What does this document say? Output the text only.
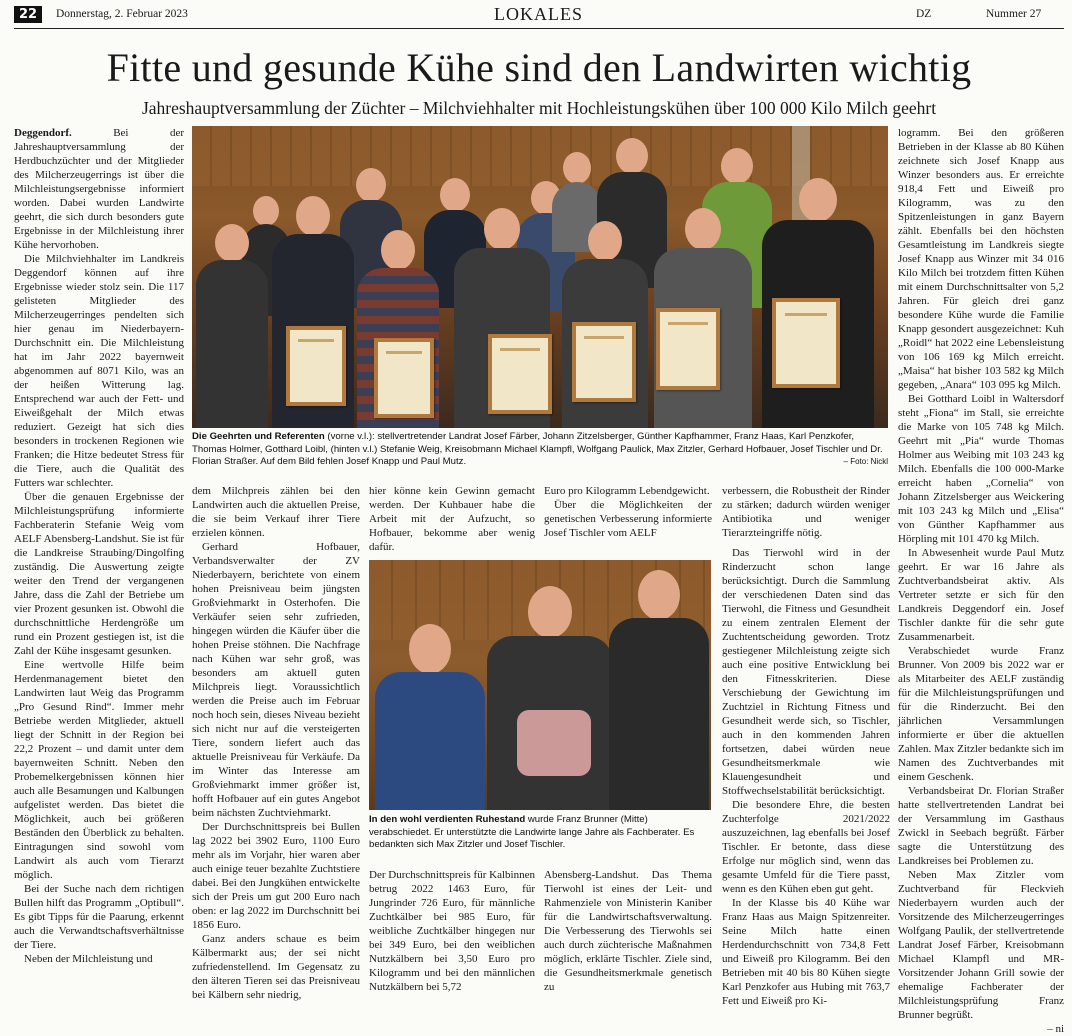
22	Donnerstag, 2. Februar 2023	LOKALES	DZ	Nummer 27
Fitte und gesunde Kühe sind den Landwirten wichtig
Jahreshauptversammlung der Züchter – Milchviehhalter mit Hochleistungskühen über 100 000 Kilo Milch geehrt

Deggendorf. Bei der Jahreshauptversammlung der Herdbuchzüchter und der Mitglieder des Milcherzeugerrings ist über die Milchleistungsergebnisse informiert worden. Dabei wurden Landwirte geehrt, die sich durch besonders gute Ergebnisse in der Milchleistung ihrer Kühe hervorhoben.

Die Milchviehhalter im Landkreis Deggendorf können auf ihre Ergebnisse wieder stolz sein. Die 117 gelisteten Mitglieder des Milcherzeugerringes pendelten sich hier genau im Niederbayern-Durchschnitt ein. Die Milchleistung hat im Jahr 2022 bayernweit abgenommen auf 8071 Kilo, was an der heißen Witterung lag. Entsprechend war auch der Fett- und Eiweißgehalt der Milch etwas reduziert. Gezeigt hat sich dies besonders in trockenen Regionen wie Franken; die Hitze bedeutet Stress für die Tiere, auch die Qualität des Futters war schlechter.

Über die genauen Ergebnisse der Milchleistungsprüfung informierte Fachberaterin Stefanie Weig vom AELF Abensberg-Landshut. Sie ist für die Landkreise Straubing/Dingolfing zuständig. Die Auswertung zeigte weiter den Trend der vergangenen Jahre, dass die Zahl der Betriebe um vier Prozent gesunken ist. Obwohl die durchschnittliche Herdengröße um rund ein Prozent gestiegen ist, ist die Zahl der Kühe insgesamt gesunken.

Eine wertvolle Hilfe beim Herdenmanagement bietet den Landwirten laut Weig das Programm „Pro Gesund Rind“. Immer mehr Betriebe werden Mitglieder, aktuell liegt der Schnitt in der Region bei 22,2 Prozent – und damit unter dem bayernweiten Schnitt. Neben den Probemelkergebnissen können hier auch alle Besamungen und Kalbungen aufgelistet werden. Das bietet die Möglichkeit, auch bei größeren Beständen den Überblick zu behalten. Eintragungen sind sowohl vom Landwirt als auch vom Tierarzt möglich.

Bei der Suche nach dem richtigen Bullen hilft das Programm „Optibull“. Es gibt Tipps für die Paarung, erkennt auch die Verwandtschaftsverhältnisse der Tiere.

Neben der Milchleistung und

Die Geehrten und Referenten (vorne v.l.): stellvertretender Landrat Josef Färber, Johann Zitzelsberger, Günther Kapfhammer, Franz Haas, Karl Penzkofer, Thomas Holmer, Gotthard Loibl, (hinten v.l.) Stefanie Weig, Kreisobmann Michael Klampfl, Wolfgang Paulick, Max Zitzler, Gerhard Hofbauer, Josef Tischler und Dr. Florian Straßer. Auf dem Bild fehlen Josef Knapp und Paul Mutz.	– Foto: Nickl

dem Milchpreis zählen bei den Landwirten auch die aktuellen Preise, die sie beim Verkauf ihrer Tiere erzielen können.

Gerhard Hofbauer, Verbandsverwalter der ZV Niederbayern, berichtete von einem hohen Preisniveau beim jüngsten Großviehmarkt in Osterhofen. Die Verkäufer seien sehr zufrieden, hingegen würden die Käufer über die hohen Preise stöhnen. Die Nachfrage nach Kühen war sehr groß, was besonders am aktuell guten Milchpreis liegt. Voraussichtlich werden die Preise auch im Februar noch hoch sein, dieses Niveau bezieht sich nicht nur auf die versteigerten Tiere, sondern liefert auch das aktuelle Preisniveau für Verkäufe. Da im Winter das Interesse am Großviehmarkt immer größer ist, hofft Hofbauer auf ein gutes Angebot beim nächsten Zuchtviehmarkt.

Der Durchschnittspreis bei Bullen lag 2022 bei 3902 Euro, 1100 Euro mehr als im Vorjahr, hier waren aber auch einige teuer bezahlte Zuchtstiere dabei. Bei den Jungkühen entwickelte sich der Preis um gut 200 Euro nach oben: er lag 2022 im Durchschnitt bei 1856 Euro.

Ganz anders schaue es beim Kälbermarkt aus; der sei nicht zufriedenstellend. Im Gegensatz zu den älteren Tieren sei das Preisniveau bei Kälbern sehr niedrig,

hier könne kein Gewinn gemacht werden. Der Kuhbauer habe die Arbeit mit der Aufzucht, so Hofbauer, bekomme aber wenig dafür.

Euro pro Kilogramm Lebendgewicht.

Über die Möglichkeiten der genetischen Verbesserung informierte Josef Tischler vom AELF

In den wohl verdienten Ruhestand wurde Franz Brunner (Mitte) verabschiedet. Er unterstützte die Landwirte lange Jahre als Fachberater. Es bedankten sich Max Zitzler und Josef Tischler.

Der Durchschnittspreis für Kalbinnen betrug 2022 1463 Euro, für Jungrinder 726 Euro, für männliche Zuchtkälber bei 985 Euro, für weibliche Zuchtkälber hingegen nur bei 349 Euro, bei den weiblichen Nutzkälbern bei 3,50 Euro pro Kilogramm und bei den männlichen Nutzkälbern bei 5,72

Abensberg-Landshut. Das Thema Tierwohl ist eines der Leit- und Rahmenziele von Ministerin Kaniber für die Landwirtschaftsverwaltung. Die Verbesserung des Tierwohls sei auch durch züchterische Maßnahmen möglich, erklärte Tischler. Ziele sind, die Gesundheitsmerkmale genetisch zu

verbessern, die Robustheit der Rinder zu stärken; dadurch würden weniger Antibiotika und weniger Tierarzteingriffe nötig.

Das Tierwohl wird in der Rinderzucht schon lange berücksichtigt. Durch die Sammlung der verschiedenen Daten sind das Tierwohl, die Fitness und Gesundheit zu einem zentralen Element der Zuchtentscheidung geworden. Trotz gestiegener Milchleistung zeigte sich auch eine positive Entwicklung bei den Fitnesskriterien. Diese Verschiebung der Gewichtung im Zuchtziel in Richtung Fitness und Gesundheit werde sich, so Tischler, auch in den kommenden Jahren fortsetzen, dabei würden neue Gesundheitsmerkmale wie Klauengesundheit und Stoffwechselstabilität berücksichtigt.

Die besondere Ehre, die besten Zuchterfolge 2021/2022 auszuzeichnen, lag ebenfalls bei Josef Tischler. Er betonte, dass diese Erfolge nur möglich sind, wenn das gesamte Umfeld für die Tiere passt, wenn es den Kühen eben gut geht.

In der Klasse bis 40 Kühe war Franz Haas aus Maign Spitzenreiter. Seine Milch hatte einen Herdendurchschnitt von 734,8 Fett und Eiweiß pro Kilogramm. Bei den Betrieben mit 40 bis 80 Kühen siegte Karl Penzkofer aus Hubing mit 763,7 Fett und Eiweiß pro Ki-

logramm. Bei den größeren Betrieben in der Klasse ab 80 Kühen zeichnete sich Josef Knapp aus Winzer besonders aus. Er erreichte 918,4 Fett und Eiweiß pro Kilogramm, was zu den Spitzenleistungen in ganz Bayern zählt. Ebenfalls bei den höchsten Gesamtleistung im Landkreis siegte Josef Knapp aus Winzer mit 34 016 Kilo Milch bei trotzdem fitten Kühen mit einem Durchschnittsalter von 5,2 Jahren. Für gleich drei ganz besondere Kühe wurde die Familie Knapp gesondert ausgezeichnet: Kuh „Roidl“ hat 2022 eine Lebensleistung von 106 169 kg Milch erreicht. „Maisa“ hat bisher 103 582 kg Milch gegeben, „Anara“ 103 095 kg Milch.

Bei Gotthard Loibl in Waltersdorf steht „Fiona“ im Stall, sie erreichte die Marke von 105 748 kg Milch. Geehrt mit „Pia“ wurde Thomas Holmer aus Weibing mit 103 243 kg Milch. Ebenfalls die 100 000-Marke erreicht haben „Cornelia“ von Johann Zitzelsberger aus Weickering mit 103 243 kg Milch und „Elisa“ von Günther Kapfhammer aus Hörpling mit 101 470 kg Milch.

In Abwesenheit wurde Paul Mutz geehrt. Er war 16 Jahre als Zuchtverbandsbeirat aktiv. Als Vertreter setzte er sich für den Landkreis Deggendorf ein. Josef Tischler dankte für die sehr gute Zusammenarbeit.

Verabschiedet wurde Franz Brunner. Von 2009 bis 2022 war er als Mitarbeiter des AELF zuständig für die Milchleistungsprüfungen und für die Rinderzucht. Bei den jährlichen Versammlungen informierte er über die aktuellen Zahlen. Max Zitzler bedankte sich im Namen des Zuchtverbandes mit einem Geschenk.

Verbandsbeirat Dr. Florian Straßer hatte stellvertretenden Landrat bei der Versammlung im Gasthaus Zwickl in Seebach begrüßt. Färber sagte die Unterstützung des Landkreises bei Problemen zu.

Neben Max Zitzler vom Zuchtverband für Fleckvieh Niederbayern wurden auch der Vorsitzende des Milcherzeugerringes Wolfgang Paulik, der stellvertretende Landrat Josef Färber, Kreisobmann Michael Klampfl und MR-Vorsitzender Johann Grill sowie der ehemalige Fachberater der Milchleistungsprüfung Franz Brunner begrüßt.

– ni
